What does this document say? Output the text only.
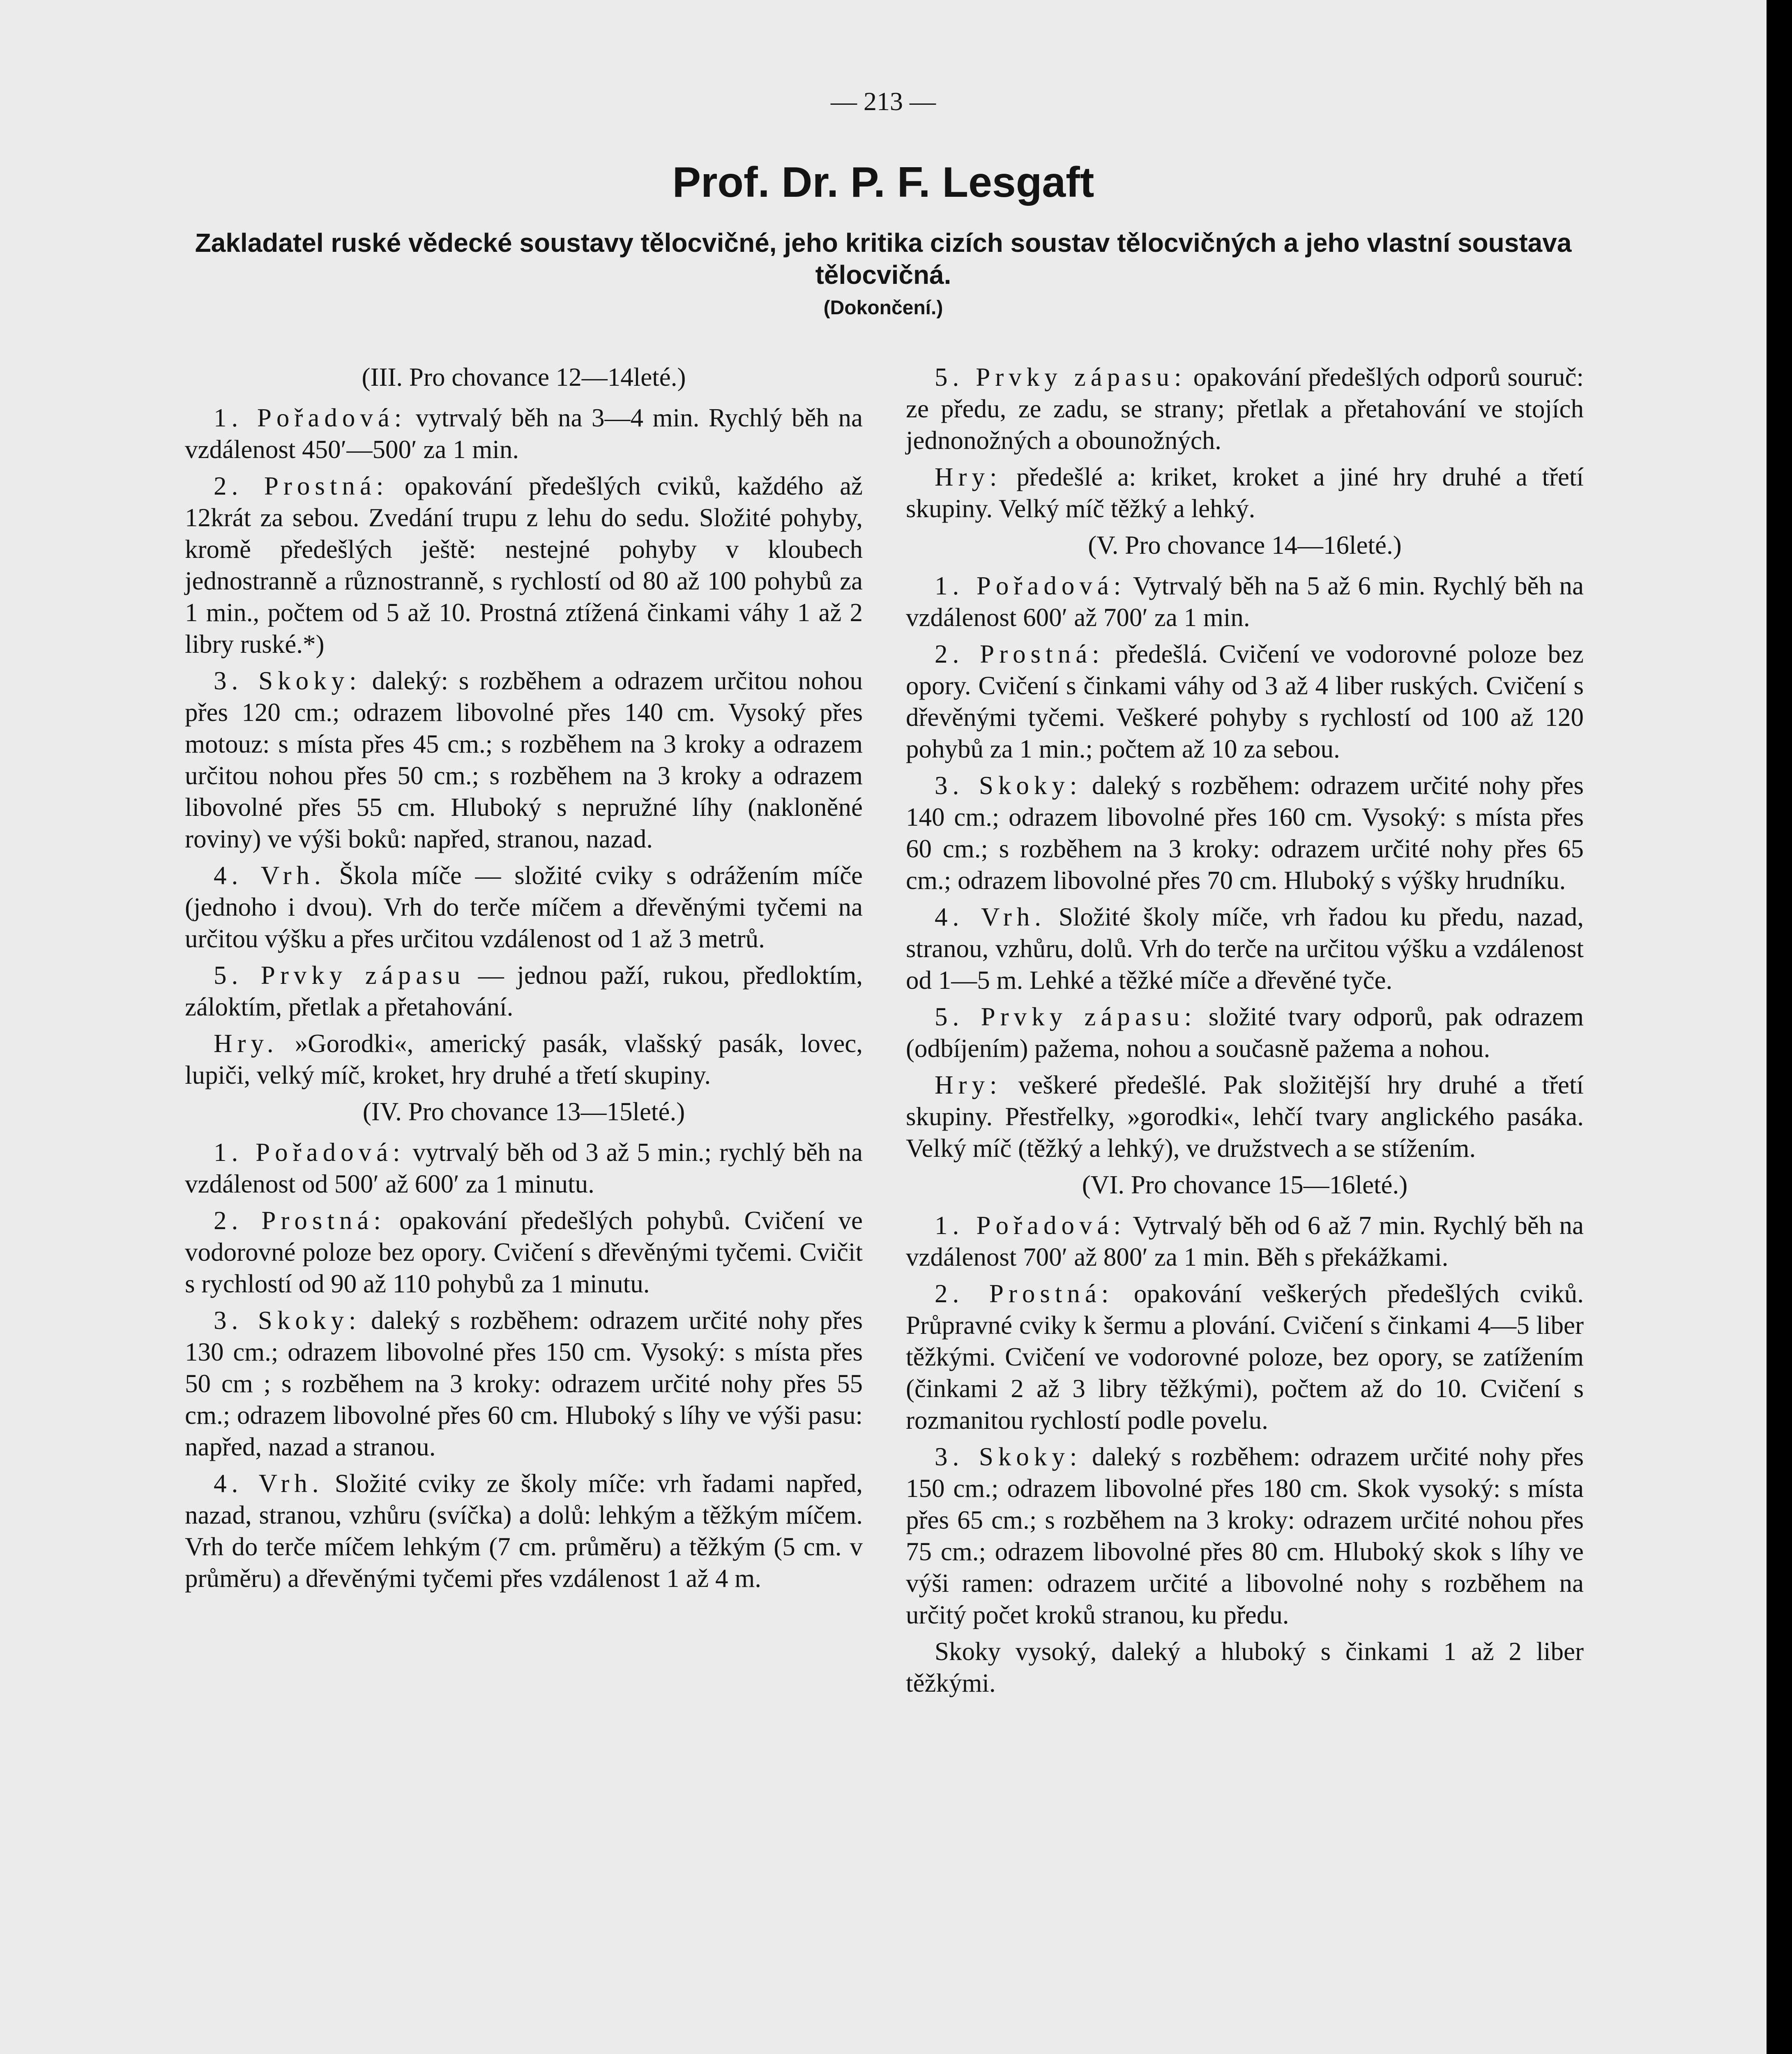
— 213 —
Prof. Dr. P. F. Lesgaft
Zakladatel ruské vědecké soustavy tělocvičné, jeho kritika cizích soustav tělocvičných a jeho vlastní soustava tělocvičná.
(Dokončení.)
(III. Pro chovance 12—14leté.)

1. Pořadová: vytrvalý běh na 3—4 min. Rychlý běh na vzdálenost 450′—500′ za 1 min.

2. Prostná: opakování předešlých cviků, každého až 12krát za sebou. Zvedání trupu z lehu do sedu. Složité pohyby, kromě předešlých ještě: nestejné pohyby v kloubech jednostranně a různostranně, s rychlostí od 80 až 100 pohybů za 1 min., počtem od 5 až 10. Prostná ztížená činkami váhy 1 až 2 libry ruské.*)

3. Skoky: daleký: s rozběhem a odrazem určitou nohou přes 120 cm.; odrazem libovolné přes 140 cm. Vysoký přes motouz: s místa přes 45 cm.; s rozběhem na 3 kroky a odrazem určitou nohou přes 50 cm.; s rozběhem na 3 kroky a odrazem libovolné přes 55 cm. Hluboký s nepružné líhy (nakloněné roviny) ve výši boků: napřed, stranou, nazad.

4. Vrh. Škola míče — složité cviky s odrážením míče (jednoho i dvou). Vrh do terče míčem a dřevěnými tyčemi na určitou výšku a přes určitou vzdálenost od 1 až 3 metrů.

5. Prvky zápasu — jednou paží, rukou, předloktím, záloktím, přetlak a přetahování.

Hry. »Gorodki«, americký pasák, vlašský pasák, lovec, lupiči, velký míč, kroket, hry druhé a třetí skupiny.

(IV. Pro chovance 13—15leté.)

1. Pořadová: vytrvalý běh od 3 až 5 min.; rychlý běh na vzdálenost od 500′ až 600′ za 1 minutu.

2. Prostná: opakování předešlých pohybů. Cvičení ve vodorovné poloze bez opory. Cvičení s dřevěnými tyčemi. Cvičit s rychlostí od 90 až 110 pohybů za 1 minutu.

3. Skoky: daleký s rozběhem: odrazem určité nohy přes 130 cm.; odrazem libovolné přes 150 cm. Vysoký: s místa přes 50 cm ; s rozběhem na 3 kroky: odrazem určité nohy přes 55 cm.; odrazem libovolné přes 60 cm. Hluboký s líhy ve výši pasu: napřed, nazad a stranou.

4. Vrh. Složité cviky ze školy míče: vrh řadami napřed, nazad, stranou, vzhůru (svíčka) a dolů: lehkým a těžkým míčem. Vrh do terče míčem lehkým (7 cm. průměru) a těžkým (5 cm. v průměru) a dřevěnými tyčemi přes vzdálenost 1 až 4 m.

5. Prvky zápasu: opakování předešlých odporů souruč: ze předu, ze zadu, se strany; přetlak a přetahování ve stojích jednonožných a obounožných.

Hry: předešlé a: kriket, kroket a jiné hry druhé a třetí skupiny. Velký míč těžký a lehký.

(V. Pro chovance 14—16leté.)

1. Pořadová: Vytrvalý běh na 5 až 6 min. Rychlý běh na vzdálenost 600′ až 700′ za 1 min.

2. Prostná: předešlá. Cvičení ve vodorovné poloze bez opory. Cvičení s činkami váhy od 3 až 4 liber ruských. Cvičení s dřevěnými tyčemi. Veškeré pohyby s rychlostí od 100 až 120 pohybů za 1 min.; počtem až 10 za sebou.

3. Skoky: daleký s rozběhem: odrazem určité nohy přes 140 cm.; odrazem libovolné přes 160 cm. Vysoký: s místa přes 60 cm.; s rozběhem na 3 kroky: odrazem určité nohy přes 65 cm.; odrazem libovolné přes 70 cm. Hluboký s výšky hrudníku.

4. Vrh. Složité školy míče, vrh řadou ku předu, nazad, stranou, vzhůru, dolů. Vrh do terče na určitou výšku a vzdálenost od 1—5 m. Lehké a těžké míče a dřevěné tyče.

5. Prvky zápasu: složité tvary odporů, pak odrazem (odbíjením) pažema, nohou a současně pažema a nohou.

Hry: veškeré předešlé. Pak složitější hry druhé a třetí skupiny. Přestřelky, »gorodki«, lehčí tvary anglického pasáka. Velký míč (těžký a lehký), ve družstvech a se stížením.

(VI. Pro chovance 15—16leté.)

1. Pořadová: Vytrvalý běh od 6 až 7 min. Rychlý běh na vzdálenost 700′ až 800′ za 1 min. Běh s překážkami.

2. Prostná: opakování veškerých předešlých cviků. Průpravné cviky k šermu a plování. Cvičení s činkami 4—5 liber těžkými. Cvičení ve vodorovné poloze, bez opory, se zatížením (činkami 2 až 3 libry těžkými), počtem až do 10. Cvičení s rozmanitou rychlostí podle povelu.

3. Skoky: daleký s rozběhem: odrazem určité nohy přes 150 cm.; odrazem libovolné přes 180 cm. Skok vysoký: s místa přes 65 cm.; s rozběhem na 3 kroky: odrazem určité nohou přes 75 cm.; odrazem libovolné přes 80 cm. Hluboký skok s líhy ve výši ramen: odrazem určité a libovolné nohy s rozběhem na určitý počet kroků stranou, ku předu.

Skoky vysoký, daleký a hluboký s činkami 1 až 2 liber těžkými.
